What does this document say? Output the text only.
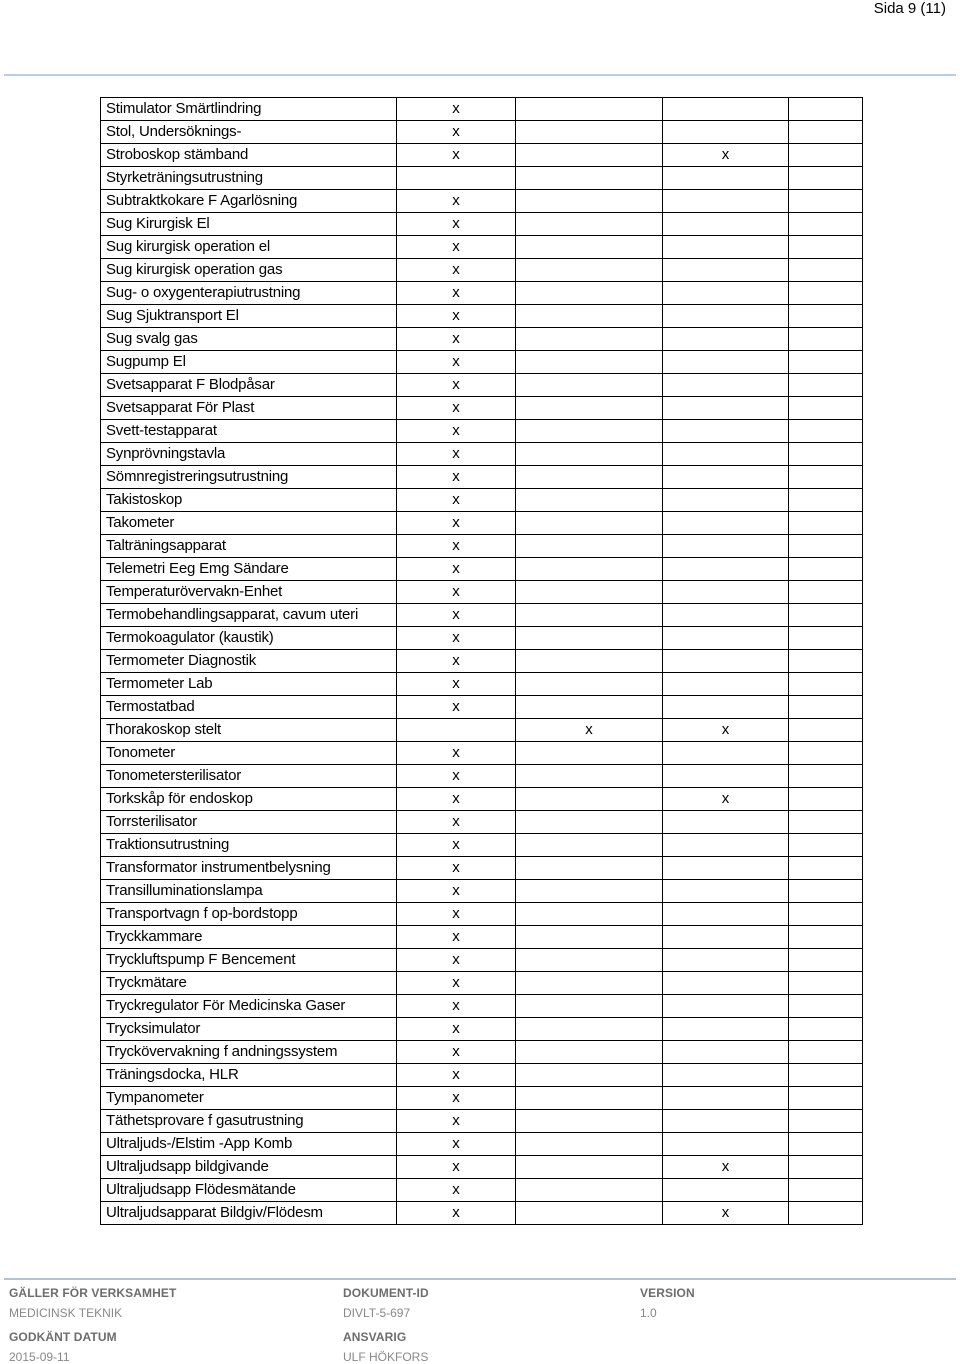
Sida 9 (11)
Stimulator Smärtlindring	x			
Stol, Undersöknings-	x			
Stroboskop stämband	x		x	
Styrketräningsutrustning				
Subtraktkokare F Agarlösning	x			
Sug Kirurgisk El	x			
Sug kirurgisk operation el	x			
Sug kirurgisk operation gas	x			
Sug- o oxygenterapiutrustning	x			
Sug Sjuktransport El	x			
Sug svalg gas	x			
Sugpump El	x			
Svetsapparat F Blodpåsar	x			
Svetsapparat För Plast	x			
Svett-testapparat	x			
Synprövningstavla	x			
Sömnregistreringsutrustning	x			
Takistoskop	x			
Takometer	x			
Talträningsapparat	x			
Telemetri Eeg Emg Sändare	x			
Temperaturövervakn-Enhet	x			
Termobehandlingsapparat, cavum uteri	x			
Termokoagulator (kaustik)	x			
Termometer Diagnostik	x			
Termometer Lab	x			
Termostatbad	x			
Thorakoskop stelt		x	x	
Tonometer	x			
Tonometersterilisator	x			
Torkskåp för endoskop	x		x	
Torrsterilisator	x			
Traktionsutrustning	x			
Transformator instrumentbelysning	x			
Transilluminationslampa	x			
Transportvagn f op-bordstopp	x			
Tryckkammare	x			
Tryckluftspump F Bencement	x			
Tryckmätare	x			
Tryckregulator För Medicinska Gaser	x			
Trycksimulator	x			
Tryckövervakning f andningssystem	x			
Träningsdocka, HLR	x			
Tympanometer	x			
Täthetsprovare f gasutrustning	x			
Ultraljuds-/Elstim -App Komb	x			
Ultraljudsapp bildgivande	x		x	
Ultraljudsapp Flödesmätande	x			
Ultraljudsapparat Bildgiv/Flödesm	x		x	
GÄLLER FÖR VERKSAMHET
MEDICINSK TEKNIK
DOKUMENT-ID
DIVLT-5-697
VERSION
1.0
GODKÄNT DATUM
2015-09-11
ANSVARIG
ULF HÖKFORS
